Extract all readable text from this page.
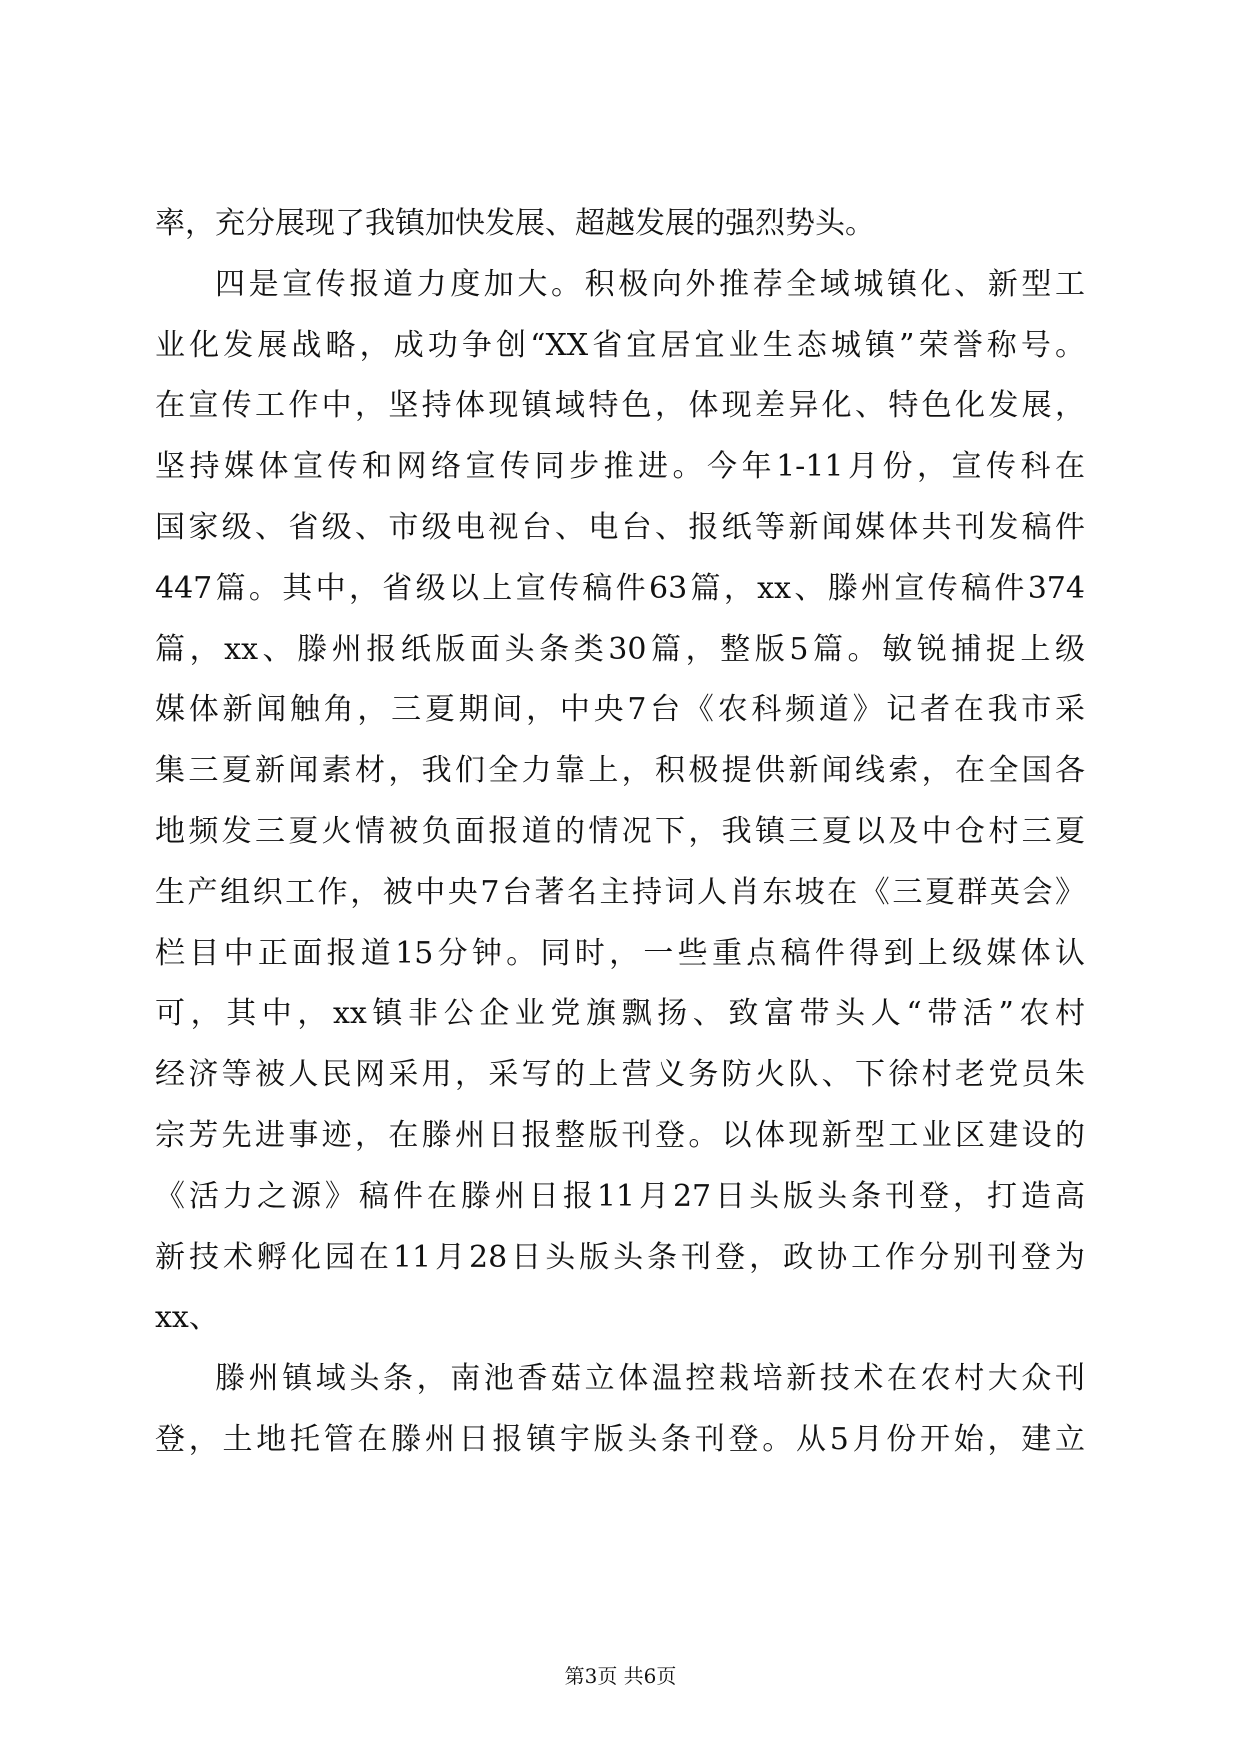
率，充分展现了我镇加快发展、超越发展的强烈势头。
四是宣传报道力度加大。积极向外推荐全域城镇化、新型工
业化发展战略，成功争创“XX省宜居宜业生态城镇”荣誉称号。
在宣传工作中，坚持体现镇域特色，体现差异化、特色化发展，
坚持媒体宣传和网络宣传同步推进。今年1-11月份，宣传科在
国家级、省级、市级电视台、电台、报纸等新闻媒体共刊发稿件
447篇。其中，省级以上宣传稿件63篇，xx、滕州宣传稿件374
篇，xx、滕州报纸版面头条类30篇，整版5篇。敏锐捕捉上级
媒体新闻触角，三夏期间，中央7台《农科频道》记者在我市采
集三夏新闻素材，我们全力靠上，积极提供新闻线索，在全国各
地频发三夏火情被负面报道的情况下，我镇三夏以及中仓村三夏
生产组织工作，被中央7台著名主持词人肖东坡在《三夏群英会》
栏目中正面报道15分钟。同时，一些重点稿件得到上级媒体认
可，其中，xx镇非公企业党旗飘扬、致富带头人“带活”农村
经济等被人民网采用，采写的上营义务防火队、下徐村老党员朱
宗芳先进事迹，在滕州日报整版刊登。以体现新型工业区建设的
《活力之源》稿件在滕州日报11月27日头版头条刊登，打造高
新技术孵化园在11月28日头版头条刊登，政协工作分别刊登为
xx、
滕州镇域头条，南池香菇立体温控栽培新技术在农村大众刊
登，土地托管在滕州日报镇宇版头条刊登。从5月份开始，建立
第3页 共6页
